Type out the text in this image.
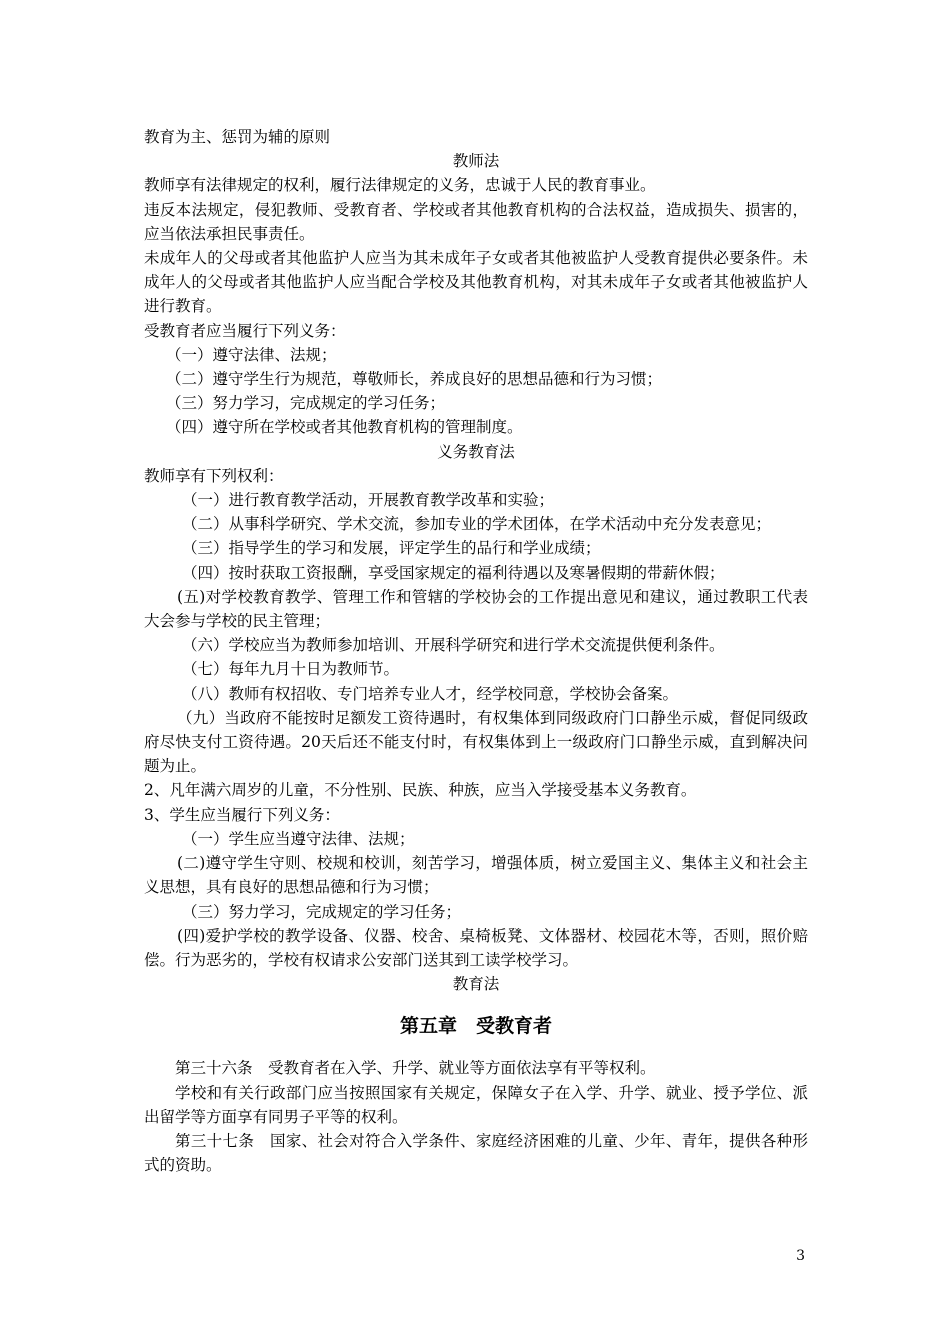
教育为主、惩罚为辅的原则

教师法

教师享有法律规定的权利，履行法律规定的义务，忠诚于人民的教育事业。

违反本法规定，侵犯教师、受教育者、学校或者其他教育机构的合法权益，造成损失、损害的，应当依法承担民事责任。

未成年人的父母或者其他监护人应当为其未成年子女或者其他被监护人受教育提供必要条件。未成年人的父母或者其他监护人应当配合学校及其他教育机构，对其未成年子女或者其他被监护人进行教育。

受教育者应当履行下列义务：

（一）遵守法律、法规；

（二）遵守学生行为规范，尊敬师长，养成良好的思想品德和行为习惯；

（三）努力学习，完成规定的学习任务；

（四）遵守所在学校或者其他教育机构的管理制度。

义务教育法

教师享有下列权利：

（一）进行教育教学活动，开展教育教学改革和实验；

（二）从事科学研究、学术交流，参加专业的学术团体，在学术活动中充分发表意见；

（三）指导学生的学习和发展，评定学生的品行和学业成绩；

（四）按时获取工资报酬，享受国家规定的福利待遇以及寒暑假期的带薪休假；

(五)对学校教育教学、管理工作和管辖的学校协会的工作提出意见和建议，通过教职工代表大会参与学校的民主管理；

（六）学校应当为教师参加培训、开展科学研究和进行学术交流提供便利条件。

（七）每年九月十日为教师节。

（八）教师有权招收、专门培养专业人才，经学校同意，学校协会备案。

（九）当政府不能按时足额发工资待遇时，有权集体到同级政府门口静坐示威，督促同级政府尽快支付工资待遇。20天后还不能支付时，有权集体到上一级政府门口静坐示威，直到解决问题为止。

2、凡年满六周岁的儿童，不分性别、民族、种族，应当入学接受基本义务教育。

3、学生应当履行下列义务：

（一）学生应当遵守法律、法规；

(二)遵守学生守则、校规和校训，刻苦学习，增强体质，树立爱国主义、集体主义和社会主义思想，具有良好的思想品德和行为习惯；

（三）努力学习，完成规定的学习任务；

(四)爱护学校的教学设备、仪器、校舍、桌椅板凳、文体器材、校园花木等，否则，照价赔偿。行为恶劣的，学校有权请求公安部门送其到工读学校学习。

教育法

第五章　受教育者

第三十六条　受教育者在入学、升学、就业等方面依法享有平等权利。

学校和有关行政部门应当按照国家有关规定，保障女子在入学、升学、就业、授予学位、派出留学等方面享有同男子平等的权利。

第三十七条　国家、社会对符合入学条件、家庭经济困难的儿童、少年、青年，提供各种形式的资助。

3
